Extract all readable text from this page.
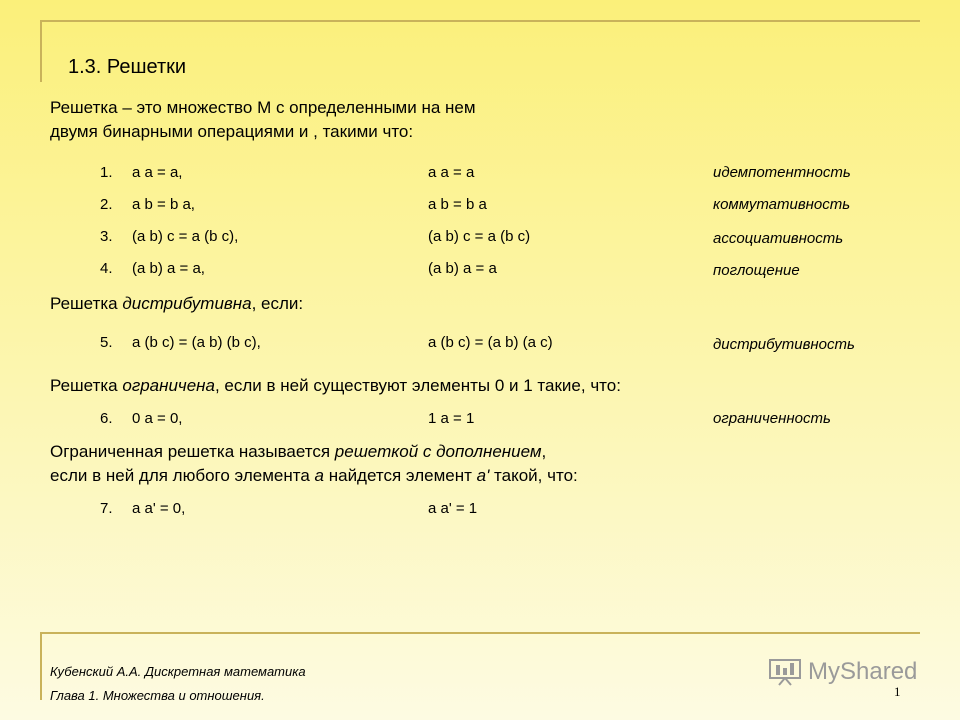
1.3. Решетки
Решетка – это множество М с определенными на нем
двумя бинарными операциями и , такими что:
1. a a = a,	a a = a	идемпотентность
2. a b = b a,	a b = b a	коммутативность
3. (a b) c = a (b c),	(a b) c = a (b c)	ассоциативность
4. (a b) a = a,	(a b) a = a	поглощение
Решетка дистрибутивна, если:
5. a (b c) = (a b) (b c),	a (b c) = (a b) (a c)	дистрибутивность
Решетка ограничена, если в ней существуют элементы 0 и 1 такие, что:
6. 0 a = 0,	1 a = 1	ограниченность
Ограниченная решетка называется решеткой с дополнением,
если в ней для любого элемента a найдется элемент a' такой, что:
7. a a' = 0,	a a' = 1
Кубенский А.А. Дискретная математика
Глава 1. Множества и отношения.
MyShared
1
